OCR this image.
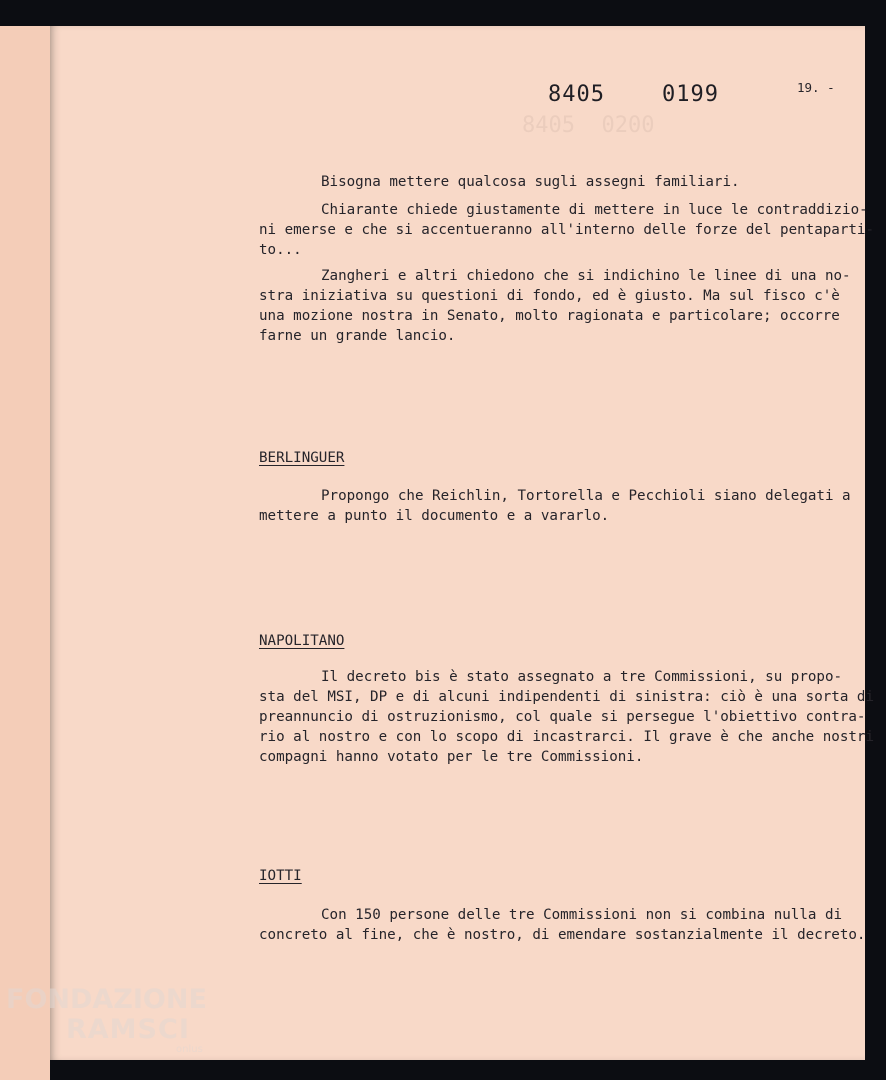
8405  0200
8405    0199	19. -
Bisogna mettere qualcosa sugli assegni familiari.
Chiarante chiede giustamente di mettere in luce le contraddizio-
ni emerse e che si accentueranno all'interno delle forze del pentaparti-
to...
Zangheri e altri chiedono che si indichino le linee di una no-
stra iniziativa su questioni di fondo, ed è giusto. Ma sul fisco c'è
una mozione nostra in Senato, molto ragionata e particolare; occorre
farne un grande lancio.
BERLINGUER
Propongo che Reichlin, Tortorella e Pecchioli siano delegati a
mettere a punto il documento e a vararlo.
NAPOLITANO
Il decreto bis è stato assegnato a tre Commissioni, su propo-
sta del MSI, DP e di alcuni indipendenti di sinistra: ciò è una sorta di
preannuncio di ostruzionismo, col quale si persegue l'obiettivo contra-
rio al nostro e con lo scopo di incastrarci. Il grave è che anche nostri
compagni hanno votato per le tre Commissioni.
IOTTI
Con 150 persone delle tre Commissioni non si combina nulla di
concreto al fine, che è nostro, di emendare sostanzialmente il decreto.
FONDAZIONE
RAMSCI
onlus
